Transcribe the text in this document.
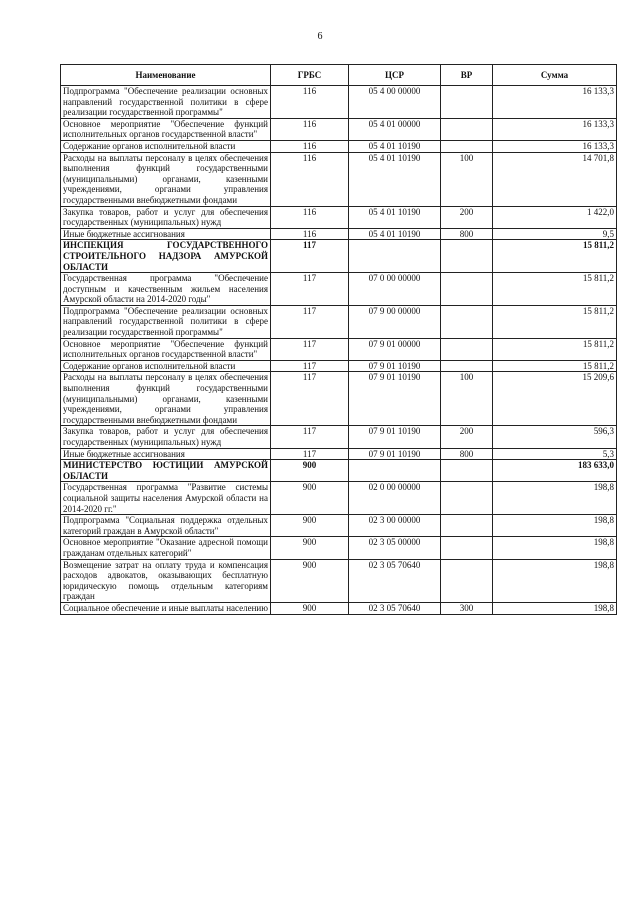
6
Наименование	ГРБС	ЦСР	ВР	Сумма
Подпрограмма "Обеспечение реализации основных направлений государственной политики в сфере реализации государственной программы"	116	05 4 00 00000		16 133,3
Основное мероприятие "Обеспечение функций исполнительных органов государственной власти"	116	05 4 01 00000		16 133,3
Содержание органов исполнительной власти	116	05 4 01 10190		16 133,3
Расходы на выплаты персоналу в целях обеспечения выполнения функций государственными (муниципальными) органами, казенными учреждениями, органами управления государственными внебюджетными фондами	116	05 4 01 10190	100	14 701,8
Закупка товаров, работ и услуг для обеспечения государственных (муниципальных) нужд	116	05 4 01 10190	200	1 422,0
Иные бюджетные ассигнования	116	05 4 01 10190	800	9,5
ИНСПЕКЦИЯ ГОСУДАРСТВЕННОГО СТРОИТЕЛЬНОГО НАДЗОРА АМУРСКОЙ ОБЛАСТИ	117			15 811,2
Государственная программа "Обеспечение доступным и качественным жильем населения Амурской области на 2014-2020 годы"	117	07 0 00 00000		15 811,2
Подпрограмма "Обеспечение реализации основных направлений государственной политики в сфере реализации государственной программы"	117	07 9 00 00000		15 811,2
Основное мероприятие "Обеспечение функций исполнительных органов государственной власти"	117	07 9 01 00000		15 811,2
Содержание органов исполнительной власти	117	07 9 01 10190		15 811,2
Расходы на выплаты персоналу в целях обеспечения выполнения функций государственными (муниципальными) органами, казенными учреждениями, органами управления государственными внебюджетными фондами	117	07 9 01 10190	100	15 209,6
Закупка товаров, работ и услуг для обеспечения государственных (муниципальных) нужд	117	07 9 01 10190	200	596,3
Иные бюджетные ассигнования	117	07 9 01 10190	800	5,3
МИНИСТЕРСТВО ЮСТИЦИИ АМУРСКОЙ ОБЛАСТИ	900			183 633,0
Государственная программа "Развитие системы социальной защиты населения Амурской области на 2014-2020 гг."	900	02 0 00 00000		198,8
Подпрограмма "Социальная поддержка отдельных категорий граждан в Амурской области"	900	02 3 00 00000		198,8
Основное мероприятие "Оказание адресной помощи гражданам отдельных категорий"	900	02 3 05 00000		198,8
Возмещение затрат на оплату труда и компенсация расходов адвокатов, оказывающих бесплатную юридическую помощь отдельным категориям граждан	900	02 3 05 70640		198,8
Социальное обеспечение и иные выплаты населению	900	02 3 05 70640	300	198,8
